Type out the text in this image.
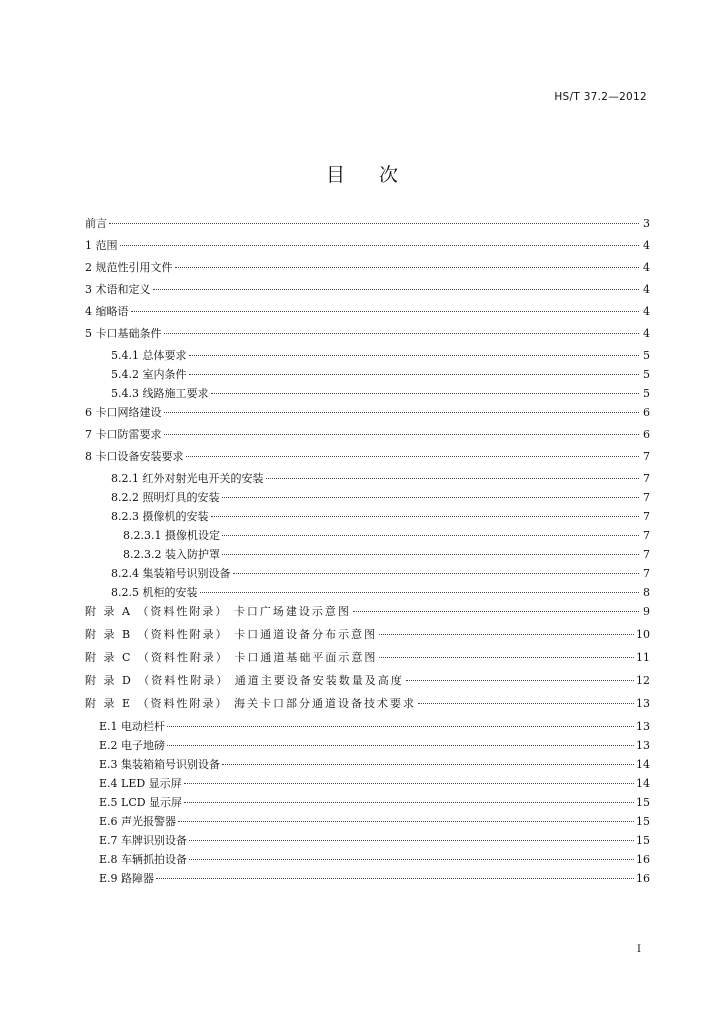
HS/T 37.2—2012
目次
前言	3
1 范围	4
2 规范性引用文件	4
3 术语和定义	4
4 缩略语	4
5 卡口基础条件	4
5.4.1 总体要求	5
5.4.2 室内条件	5
5.4.3 线路施工要求	5
6 卡口网络建设	6
7 卡口防雷要求	6
8 卡口设备安装要求	7
8.2.1 红外对射光电开关的安装	7
8.2.2 照明灯具的安装	7
8.2.3 摄像机的安装	7
8.2.3.1 摄像机设定	7
8.2.3.2 装入防护罩	7
8.2.4 集装箱号识别设备	7
8.2.5 机柜的安装	8
附 录 A （资料性附录） 卡口广场建设示意图	9
附 录 B （资料性附录） 卡口通道设备分布示意图	10
附 录 C （资料性附录） 卡口通道基础平面示意图	11
附 录 D （资料性附录） 通道主要设备安装数量及高度	12
附 录 E （资料性附录） 海关卡口部分通道设备技术要求	13
E.1 电动栏杆	13
E.2 电子地磅	13
E.3 集装箱箱号识别设备	14
E.4 LED 显示屏	14
E.5 LCD 显示屏	15
E.6 声光报警器	15
E.7 车牌识别设备	15
E.8 车辆抓拍设备	16
E.9 路障器	16
I
